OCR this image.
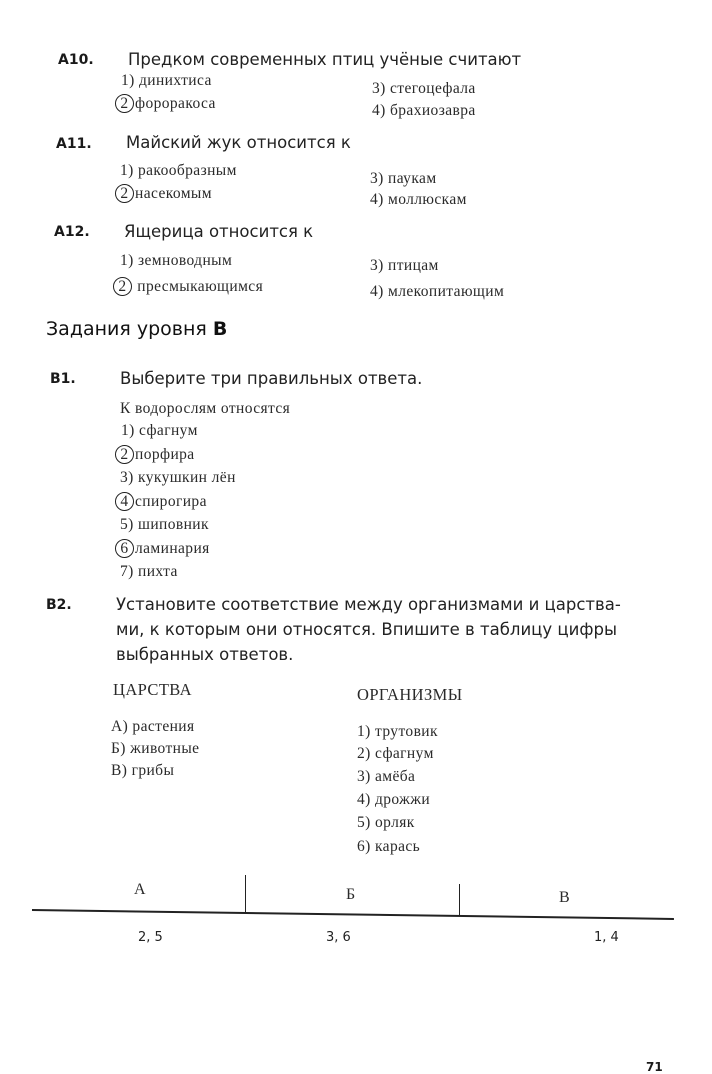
A10. Предком современных птиц учёные считают
1) динихтиса
2 фороракоса
3) стегоцефала
4) брахиозавра
A11. Майский жук относится к
1) ракообразным
2 насекомым
3) паукам
4) моллюскам
A12. Ящерица относится к
1) земноводным
2 пресмыкающимся
3) птицам
4) млекопитающим
Задания уровня B
B1.	Выберите три правильных ответа.
К водорослям относятся
1) сфагнум
2 порфира
3) кукушкин лён
4 спирогира
5) шиповник
6 ламинария
7) пихта
B2.	Установите соответствие между организмами и царства-
ми, к которым они относятся. Впишите в таблицу цифры
выбранных ответов.
ЦАРСТВА	ОРГАНИЗМЫ
А) растения
Б) животные
В) грибы
1) трутовик
2) сфагнум
3) амёба
4) дрожжи
5) орляк
6) карась
А	Б	В
2, 5	3, 6	1, 4
71
